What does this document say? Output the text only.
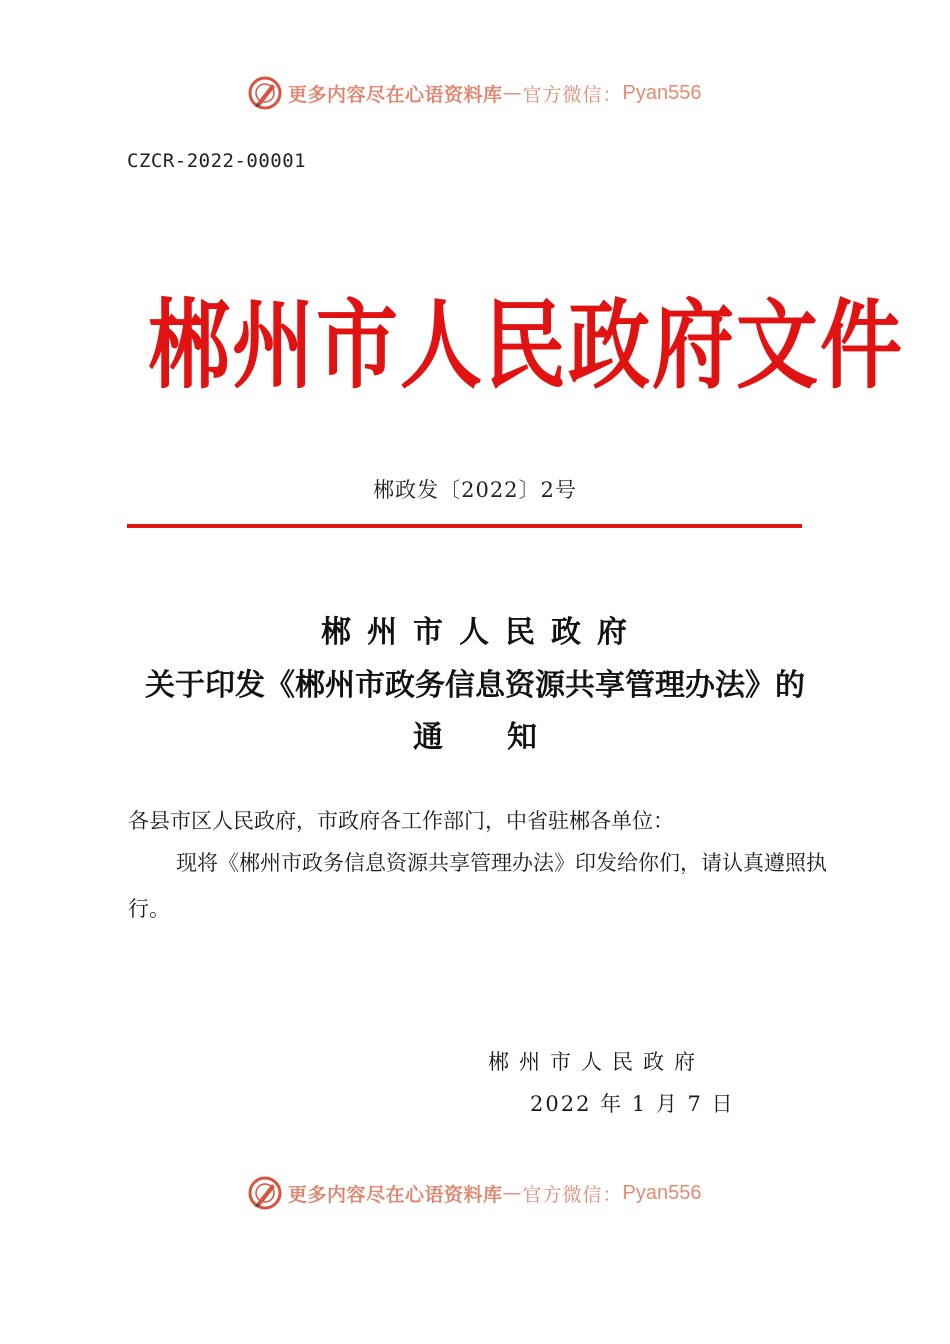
更多内容尽在心语资料库 — 官方微信： Pyan556
CZCR-2022-00001
郴州市人民政府文件
郴政发〔2022〕2号
郴州市人民政府
关于印发《郴州市政务信息资源共享管理办法》的
通 知
各县市区人民政府，市政府各工作部门，中省驻郴各单位：
现将《郴州市政务信息资源共享管理办法》印发给你们，请认真遵照执行。
郴州市人民政府
2022 年 1 月 7 日
更多内容尽在心语资料库 — 官方微信： Pyan556
